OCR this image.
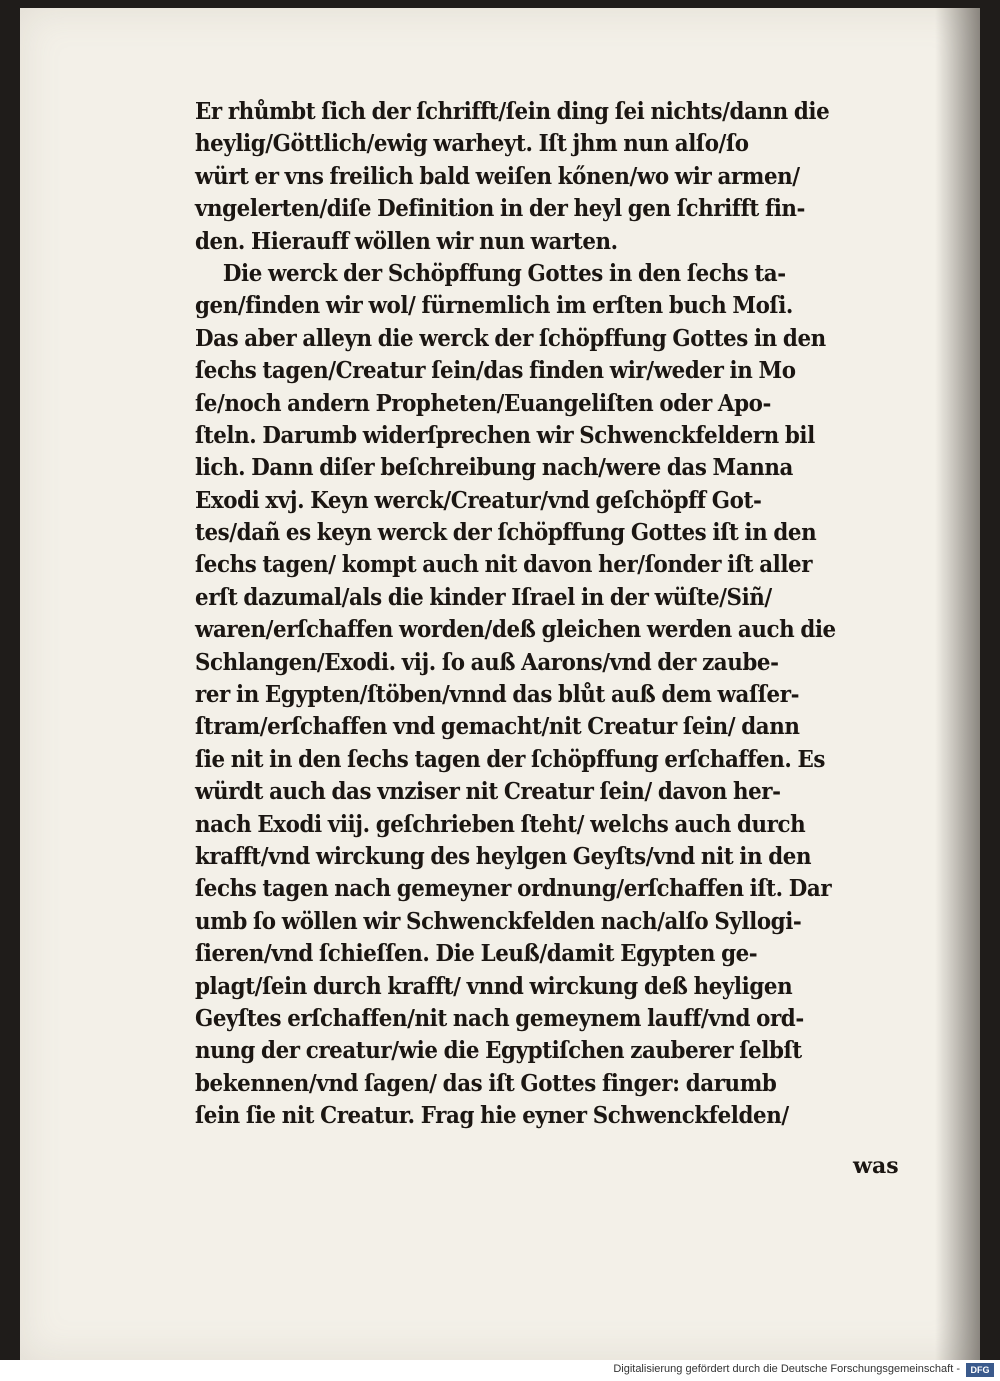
Er rhůmbt ſich der ſchrifft/ſein ding ſei nichts/dann die
heylig/Göttlich/ewig warheyt. Iſt jhm nun alſo/ſo
würt er vns freilich bald weiſen kőnen/wo wir armen/
vngelerten/diſe Definition in der heyl gen ſchrifft fin-
den. Hierauff wöllen wir nun warten.
Die werck der Schöpffung Gottes in den ſechs ta-
gen/finden wir wol/ fürnemlich im erſten buch Moſi.
Das aber alleyn die werck der ſchöpffung Gottes in den
ſechs tagen/Creatur ſein/das finden wir/weder in Mo
ſe/noch andern Propheten/Euangeliſten oder Apo-
ſteln. Darumb widerſprechen wir Schwenckfeldern bil
lich. Dann diſer beſchreibung nach/were das Manna
Exodi xvj. Keyn werck/Creatur/vnd geſchöpff Got-
tes/dañ es keyn werck der ſchöpffung Gottes iſt in den
ſechs tagen/ kompt auch nit davon her/ſonder iſt aller
erſt dazumal/als die kinder Iſrael in der wüſte/Siñ/
waren/erſchaffen worden/deß gleichen werden auch die
Schlangen/Exodi. vij. ſo auß Aarons/vnd der zaube-
rer in Egypten/ſtöben/vnnd das blůt auß dem waſſer-
ſtram/erſchaffen vnd gemacht/nit Creatur ſein/ dann
ſie nit in den ſechs tagen der ſchöpffung erſchaffen. Es
würdt auch das vnziser nit Creatur ſein/ davon her-
nach Exodi viij. geſchrieben ſteht/ welchs auch durch
krafft/vnd wirckung des heylgen Geyſts/vnd nit in den
ſechs tagen nach gemeyner ordnung/erſchaffen iſt. Dar
umb ſo wöllen wir Schwenckfelden nach/alſo Syllogi-
ſieren/vnd ſchieſſen. Die Leuß/damit Egypten ge-
plagt/ſein durch krafft/ vnnd wirckung deß heyligen
Geyſtes erſchaffen/nit nach gemeynem lauff/vnd ord-
nung der creatur/wie die Egyptiſchen zauberer ſelbſt
bekennen/vnd ſagen/ das iſt Gottes finger: darumb
ſein ſie nit Creatur. Frag hie eyner Schwenckfelden/
was
Digitalisierung gefördert durch die Deutsche Forschungsgemeinschaft -	DFG
